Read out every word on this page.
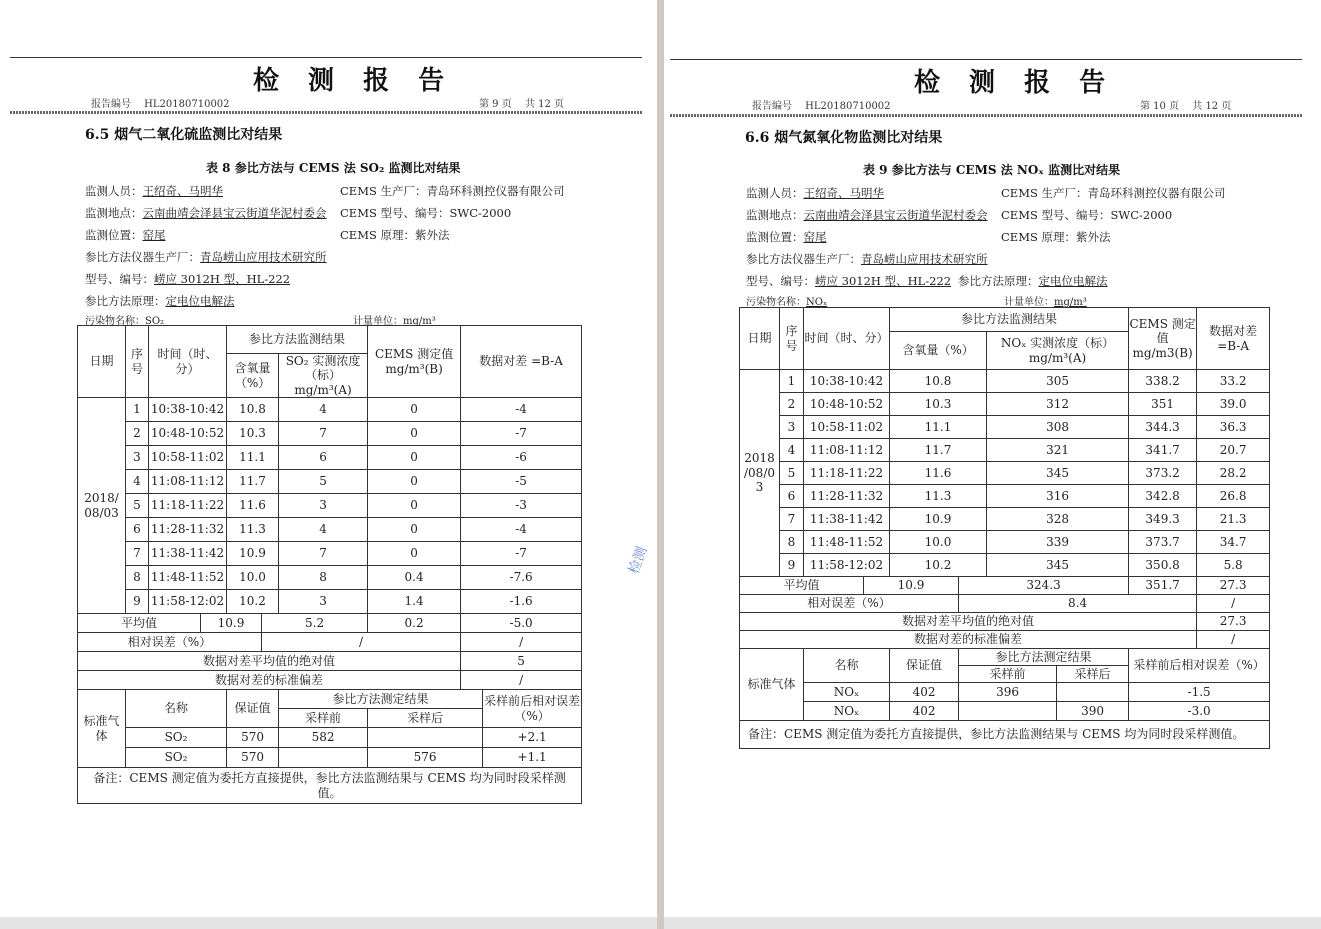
检 测 报 告
报告编号　 HL20180710002	第 9 页　 共 12 页
6.5 烟气二氧化硫监测比对结果
表 8 参比方法与 CEMS 法 SO₂ 监测比对结果
监测人员：王绍奇、马明华	CEMS 生产厂：青岛环科测控仪器有限公司
监测地点：云南曲靖会泽县宝云街道华泥村委会 CEMS 型号、编号：SWC-2000
监测位置：窑尾	CEMS 原理：紫外法
参比方法仪器生产厂：青岛崂山应用技术研究所
型号、编号：崂应 3012H 型、HL-222
参比方法原理：定电位电解法
污染物名称：SO₂	计量单位：mg/m³
日期	序号	时间（时、分）		参比方法监测结果			CEMS 测定值 mg/m³(B)	数据对差 =B-A	
				含氧量（%）		SO₂ 实测浓度（标）mg/m³(A)			
2018/ 08/03	1	10:38-10:42		10.8		4	0	-4	
	2	10:48-10:52		10.3		7	0	-7	
	3	10:58-11:02		11.1		6	0	-6	
	4	11:08-11:12		11.7		5	0	-5	
	5	11:18-11:22		11.6		3	0	-3	
	6	11:28-11:32		11.3		4	0	-4	
	7	11:38-11:42		10.9		7	0	-7	
	8	11:48-11:52		10.0		8	0.4	-7.6	
	9	11:58-12:02		10.2		3	1.4	-1.6	
平均值			10.9		5.2		0.2	-5.0	
相对误差（%）					/			/	
数据对差平均值的绝对值								5	
数据对差的标准偏差								/	
标准气体	名称			保证值		参比方法测定结果			采样前后相对误差（%）
						采样前	采样后		
	SO₂			570		582			+2.1
	SO₂			570			576		+1.1
备注：CEMS 测定值为委托方直接提供，参比方法监测结果与 CEMS 均为同时段采样测值。									
检 测 报 告
报告编号　 HL20180710002	第 10 页　 共 12 页
6.6 烟气氮氧化物监测比对结果
表 9 参比方法与 CEMS 法 NOₓ 监测比对结果
监测人员：王绍奇、马明华	CEMS 生产厂：青岛环科测控仪器有限公司
监测地点：云南曲靖会泽县宝云街道华泥村委会 CEMS 型号、编号：SWC-2000
监测位置：窑尾	CEMS 原理：紫外法
参比方法仪器生产厂：青岛崂山应用技术研究所
型号、编号：崂应 3012H 型、HL-222 参比方法原理：定电位电解法
污染物名称：NOₓ	计量单位：mg/m³
日期	序号	时间（时、分）		参比方法监测结果				CEMS 测定值 mg/m3(B)	数据对差 =B-A
				含氧量（%）		NOₓ 实测浓度（标）mg/m³(A)			
2018 /08/0 3	1	10:38-10:42		10.8		305		338.2	33.2
	2	10:48-10:52		10.3		312		351	39.0
	3	10:58-11:02		11.1		308		344.3	36.3
	4	11:08-11:12		11.7		321		341.7	20.7
	5	11:18-11:22		11.6		345		373.2	28.2
	6	11:28-11:32		11.3		316		342.8	26.8
	7	11:38-11:42		10.9		328		349.3	21.3
	8	11:48-11:52		10.0		339		373.7	34.7
	9	11:58-12:02		10.2		345		350.8	5.8
平均值			10.9		324.3			351.7	27.3
相对误差（%）					8.4				/
数据对差平均值的绝对值									27.3
数据对差的标准偏差									/
标准气体		名称		保证值	参比方法测定结果			采样前后相对误差（%）	
					采样前		采样后		
		NOₓ		402	396			-1.5	
		NOₓ		402			390	-3.0	
备注：CEMS 测定值为委托方直接提供，参比方法监测结果与 CEMS 均为同时段采样测值。									
检测
